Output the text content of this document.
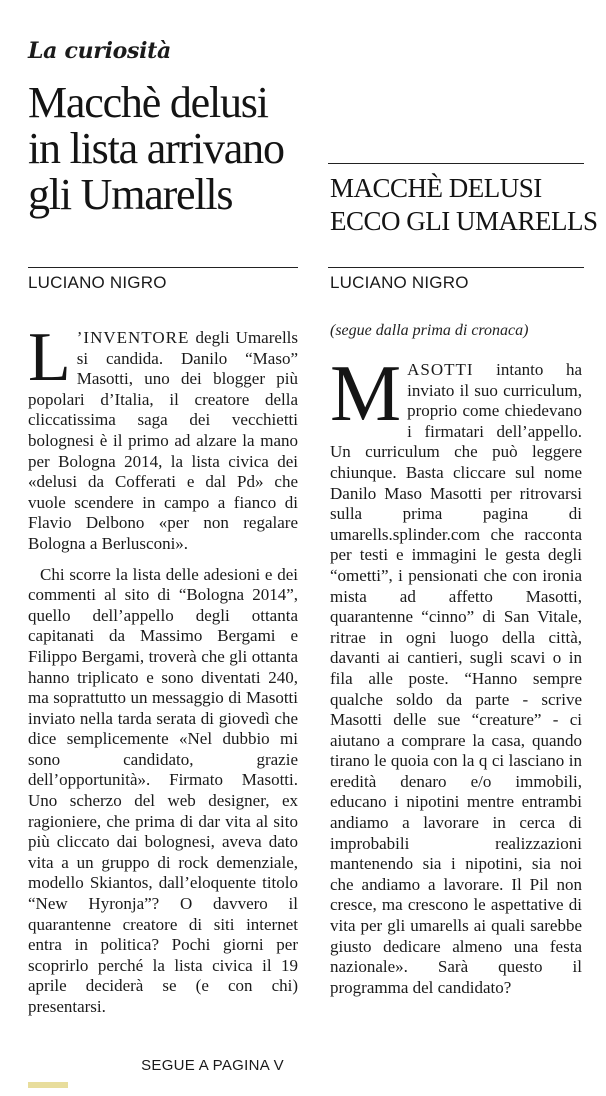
La curiosità
Macchè delusi
in lista arrivano
gli Umarells
LUCIANO NIGRO

L ’INVENTORE degli Umarells si candida. Danilo “Maso” Masotti, uno dei blogger più popolari d’Italia, il creatore della cliccatissima saga dei vecchietti bolognesi è il primo ad alzare la mano per Bologna 2014, la lista civica dei «delusi da Cofferati e dal Pd» che vuole scendere in campo a fianco di Flavio Delbono «per non regalare Bologna a Berlusconi».

Chi scorre la lista delle adesioni e dei commenti al sito di “Bologna 2014”, quello dell’appello degli ottanta capitanati da Massimo Bergami e Filippo Bergami, troverà che gli ottanta hanno triplicato e sono diventati 240, ma soprattutto un messaggio di Masotti inviato nella tarda serata di giovedì che dice semplicemente «Nel dubbio mi sono candidato, grazie dell’opportunità». Firmato Masotti. Uno scherzo del web designer, ex ragioniere, che prima di dar vita al sito più cliccato dai bolognesi, aveva dato vita a un gruppo di rock demenziale, modello Skiantos, dall’eloquente titolo “New Hyronja”? O davvero il quarantenne creatore di siti internet entra in politica? Pochi giorni per scoprirlo perché la lista civica il 19 aprile deciderà se (e con chi) presentarsi.

SEGUE A PAGINA V
MACCHÈ DELUSI
ECCO GLI UMARELLS
LUCIANO NIGRO
(segue dalla prima di cronaca)

MASOTTI intanto ha inviato il suo curriculum, proprio come chiedevano i firmatari dell’appello. Un curriculum che può leggere chiunque. Basta cliccare sul nome Danilo Maso Masotti per ritrovarsi sulla prima pagina di umarells.splinder.com che racconta per testi e immagini le gesta degli “ometti”, i pensionati che con ironia mista ad affetto Masotti, quarantenne “cinno” di San Vitale, ritrae in ogni luogo della città, davanti ai cantieri, sugli scavi o in fila alle poste. “Hanno sempre qualche soldo da parte - scrive Masotti delle sue “creature” - ci aiutano a comprare la casa, quando tirano le quoia con la q ci lasciano in eredità denaro e/o immobili, educano i nipotini mentre entrambi andiamo a lavorare in cerca di improbabili realizzazioni mantenendo sia i nipotini, sia noi che andiamo a lavorare. Il Pil non cresce, ma crescono le aspettative di vita per gli umarells ai quali sarebbe giusto dedicare almeno una festa nazionale». Sarà questo il programma del candidato?
